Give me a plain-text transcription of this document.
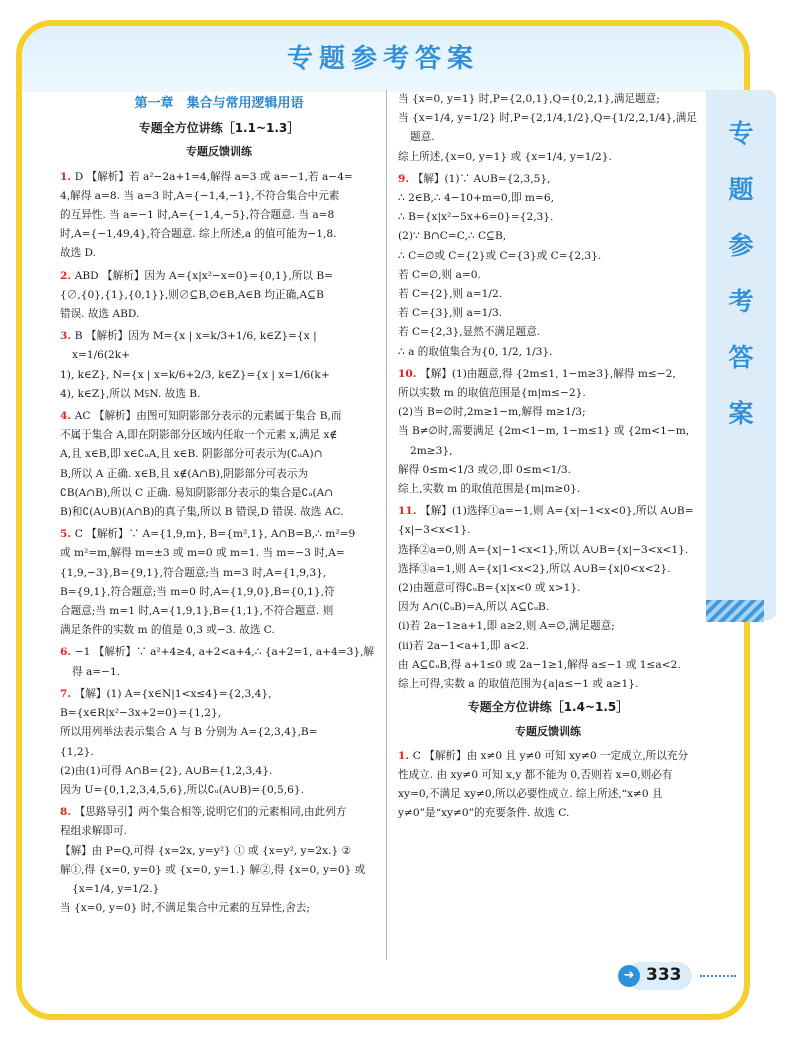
专题参考答案
专
题
参
考
答
案
第一章　集合与常用逻辑用语
专题全方位讲练［1.1~1.3］
专题反馈训练
1. D 【解析】若 a²−2a+1=4,解得 a=3 或 a=−1,若 a−4=
4,解得 a=8. 当 a=3 时,A={−1,4,−1},不符合集合中元素
的互异性. 当 a=−1 时,A={−1,4,−5},符合题意. 当 a=8
时,A={−1,49,4},符合题意. 综上所述,a 的值可能为−1,8.
故选 D.
2. ABD 【解析】因为 A={x|x²−x=0}={0,1},所以 B=
{∅,{0},{1},{0,1}},则∅⊆B,∅∈B,A∈B 均正确,A⊆B
错误. 故选 ABD.
3. B 【解析】因为 M={x | x=k/3+1/6, k∈Z}={x | x=1/6(2k+
1), k∈Z}, N={x | x=k/6+2/3, k∈Z}={x | x=1/6(k+
4), k∈Z},所以 M⫋N. 故选 B.
4. AC 【解析】由图可知阴影部分表示的元素属于集合 B,而
不属于集合 A,即在阴影部分区域内任取一个元素 x,满足 x∉
A,且 x∈B,即 x∈∁ᵤA,且 x∈B. 阴影部分可表示为(∁ᵤA)∩
B,所以 A 正确. x∈B,且 x∉(A∩B),阴影部分可表示为
∁B(A∩B),所以 C 正确. 易知阴影部分表示的集合是∁ᵤ(A∩
B)和∁(A∪B)(A∩B)的真子集,所以 B 错误,D 错误. 故选 AC.
5. C 【解析】∵ A={1,9,m}, B={m²,1}, A∩B=B,∴ m²=9
或 m²=m,解得 m=±3 或 m=0 或 m=1. 当 m=−3 时,A=
{1,9,−3},B={9,1},符合题意;当 m=3 时,A={1,9,3},
B={9,1},符合题意;当 m=0 时,A={1,9,0},B={0,1},符
合题意;当 m=1 时,A={1,9,1},B={1,1},不符合题意. 则
满足条件的实数 m 的值是 0,3 或−3. 故选 C.
6. −1 【解析】∵ a²+4≥4, a+2<a+4,∴ {a+2=1, a+4=3},解得 a=−1.
7. 【解】(1) A={x∈N|1<x≤4}={2,3,4},
B={x∈R|x²−3x+2=0}={1,2},
所以用列举法表示集合 A 与 B 分别为 A={2,3,4},B=
{1,2}.
(2)由(1)可得 A∩B={2}, A∪B={1,2,3,4}.
因为 U={0,1,2,3,4,5,6},所以∁ᵤ(A∪B)={0,5,6}.
8. 【思路导引】两个集合相等,说明它们的元素相同,由此列方
程组求解即可.
【解】由 P=Q,可得 {x=2x, y=y²} ① 或 {x=y², y=2x.} ②
解①,得 {x=0, y=0} 或 {x=0, y=1.} 解②,得 {x=0, y=0} 或 {x=1/4, y=1/2.}
当 {x=0, y=0} 时,不满足集合中元素的互异性,舍去;
当 {x=0, y=1} 时,P={2,0,1},Q={0,2,1},满足题意;
当 {x=1/4, y=1/2} 时,P={2,1/4,1/2},Q={1/2,2,1/4},满足题意.
综上所述,{x=0, y=1} 或 {x=1/4, y=1/2}.
9. 【解】(1)∵ A∪B={2,3,5},
∴ 2∈B,∴ 4−10+m=0,即 m=6,
∴ B={x|x²−5x+6=0}={2,3}.
(2)∵ B∩C=C,∴ C⊆B,
∴ C=∅或 C={2}或 C={3}或 C={2,3}.
若 C=∅,则 a=0.
若 C={2},则 a=1/2.
若 C={3},则 a=1/3.
若 C={2,3},显然不满足题意.
∴ a 的取值集合为{0, 1/2, 1/3}.
10. 【解】(1)由题意,得 {2m≤1, 1−m≥3},解得 m≤−2,
所以实数 m 的取值范围是{m|m≤−2}.
(2)当 B=∅时,2m≥1−m,解得 m≥1/3;
当 B≠∅时,需要满足 {2m<1−m, 1−m≤1} 或 {2m<1−m, 2m≥3},
解得 0≤m<1/3 或∅,即 0≤m<1/3.
综上,实数 m 的取值范围是{m|m≥0}.
11. 【解】(1)选择①a=−1,则 A={x|−1<x<0},所以 A∪B=
{x|−3<x<1}.
选择②a=0,则 A={x|−1<x<1},所以 A∪B={x|−3<x<1}.
选择③a=1,则 A={x|1<x<2},所以 A∪B={x|0<x<2}.
(2)由题意可得∁ᵤB={x|x<0 或 x>1}.
因为 A∩(∁ᵤB)=A,所以 A⊆∁ᵤB.
(i)若 2a−1≥a+1,即 a≥2,则 A=∅,满足题意;
(ii)若 2a−1<a+1,即 a<2.
由 A⊆∁ᵤB,得 a+1≤0 或 2a−1≥1,解得 a≤−1 或 1≤a<2.
综上可得,实数 a 的取值范围为{a|a≤−1 或 a≥1}.
专题全方位讲练［1.4~1.5］
专题反馈训练
1. C 【解析】由 x≠0 且 y≠0 可知 xy≠0 一定成立,所以充分
性成立. 由 xy≠0 可知 x,y 都不能为 0,否则若 x=0,则必有
xy=0,不满足 xy≠0,所以必要性成立. 综上所述,“x≠0 且
y≠0”是“xy≠0”的充要条件. 故选 C.
➜ 333
